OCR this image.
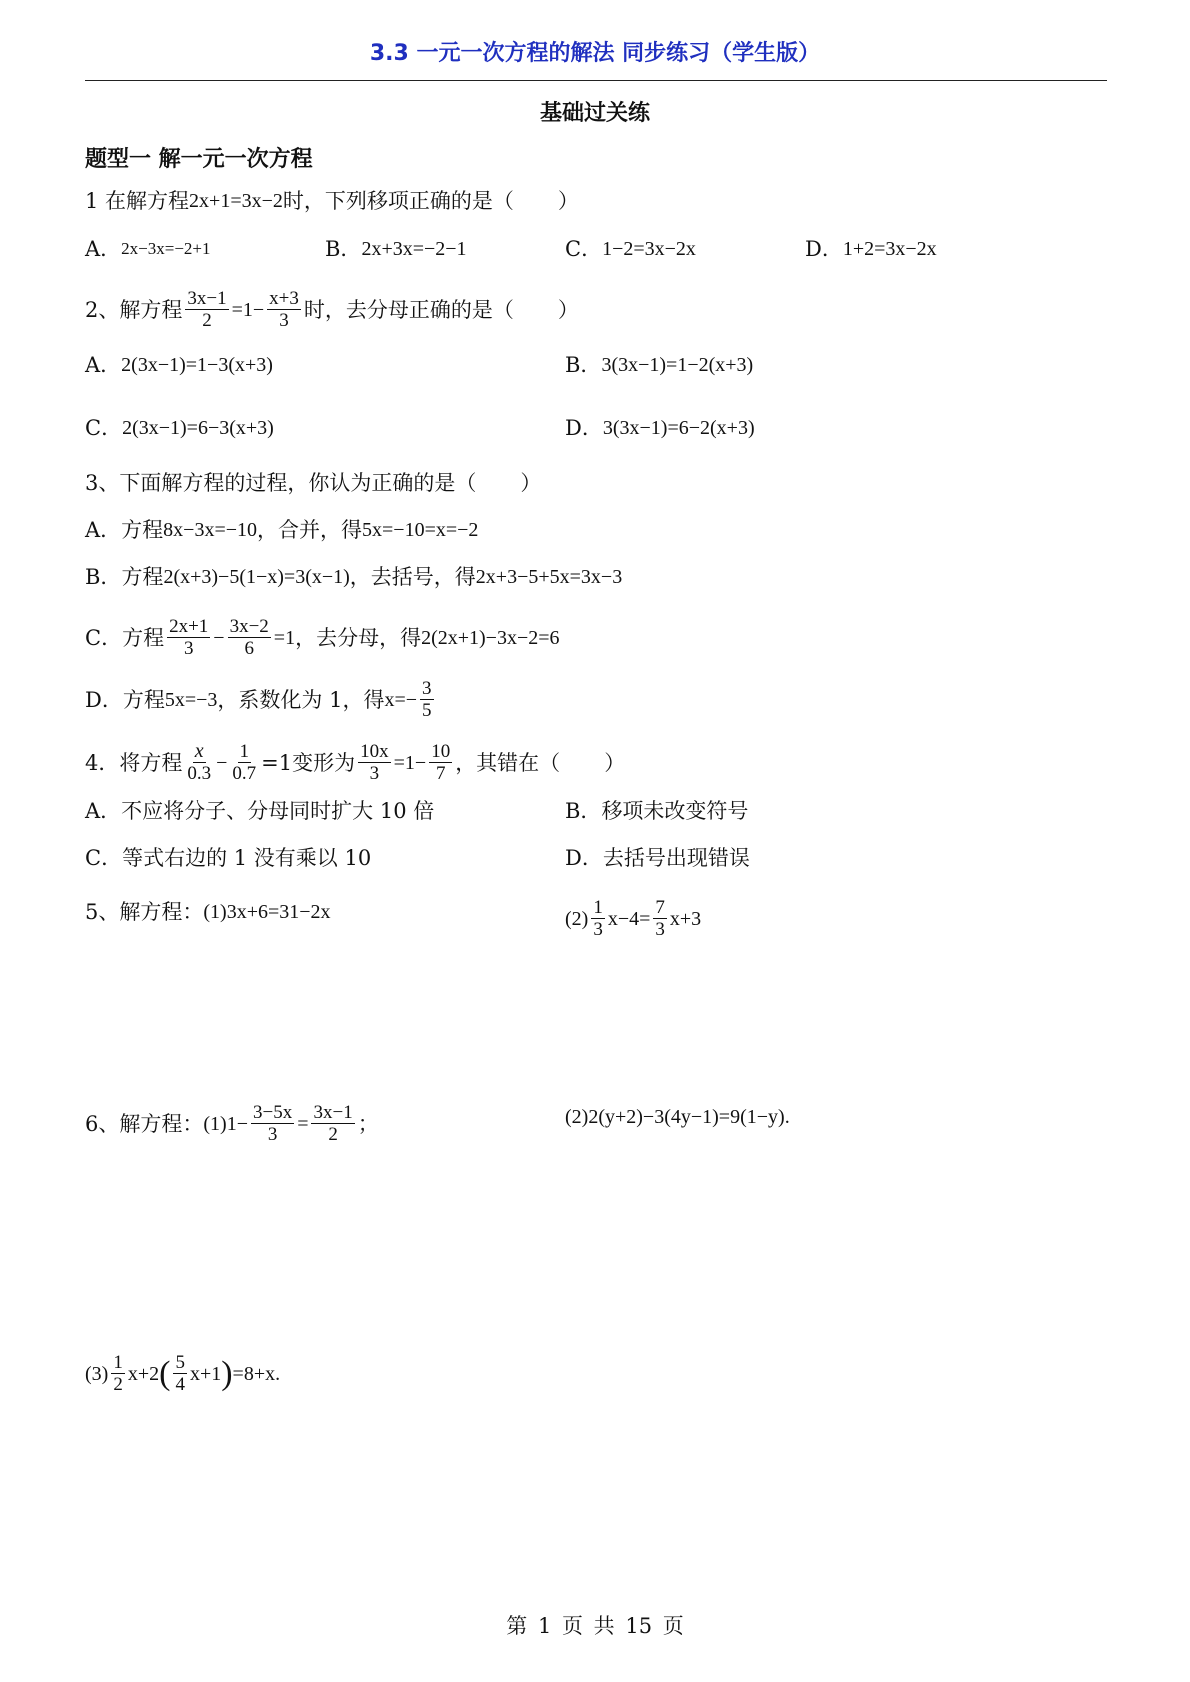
3.3 一元一次方程的解法 同步练习（学生版）
基础过关练
题型一 解一元一次方程
1 在解方程 2x+1=3x−2 时，下列移项正确的是（ ）
A． 2x−3x=−2+1	B． 2x+3x=−2−1	C． 1−2=3x−2x	D． 1+2=3x−2x
2、解方程 $\frac{3x-1}{2} =1- \frac{x+3}{3}$ 时，去分母正确的是（ ）
A． 2(3x−1)=1−3(x+3)	B． 3(3x−1)=1−2(x+3)
C． 2(3x−1)=6−3(x+3)	D． 3(3x−1)=6−2(x+3)
3、下面解方程的过程，你认为正确的是（ ）
A． 方程 8x−3x=−10 ，合并，得 5x=−10=x=−2
B． 方程 2(x+3)−5(1−x)=3(x−1) ，去括号，得 2x+3−5+5x=3x−3
C． 方程 $\frac{2x+1}{3} - \frac{3x-2}{6} =1$ ，去分母，得 2(2x+1)−3x−2=6
D． 方程 5x=−3 ，系数化为 1，得 $x=- \frac{3}{5}$
4．将方程 $\frac{x}{0.3} - \frac{1}{0.7} =1$变形为 $\frac{10x}{3} =1- \frac{10}{7}$ ，其错在（ ）
A． 不应将分子、分母同时扩大 10 倍	B． 移项未改变符号
C． 等式右边的 1 没有乘以 10	D． 去括号出现错误
5、解方程： (1) 3x+6=31−2x	$(2) \frac{1}{3} x-4= \frac{7}{3} x+3$
6、解方程： (1) $1- \frac{3-5x}{3} = \frac{3x-1}{2}$ ；	(2) 2(y+2)−3(4y−1)=9(1−y) .
$(3) \frac{1}{2} x+2$ ( $\frac{5}{4} x+1$ ) =8+x .
第 1 页 共 15 页
